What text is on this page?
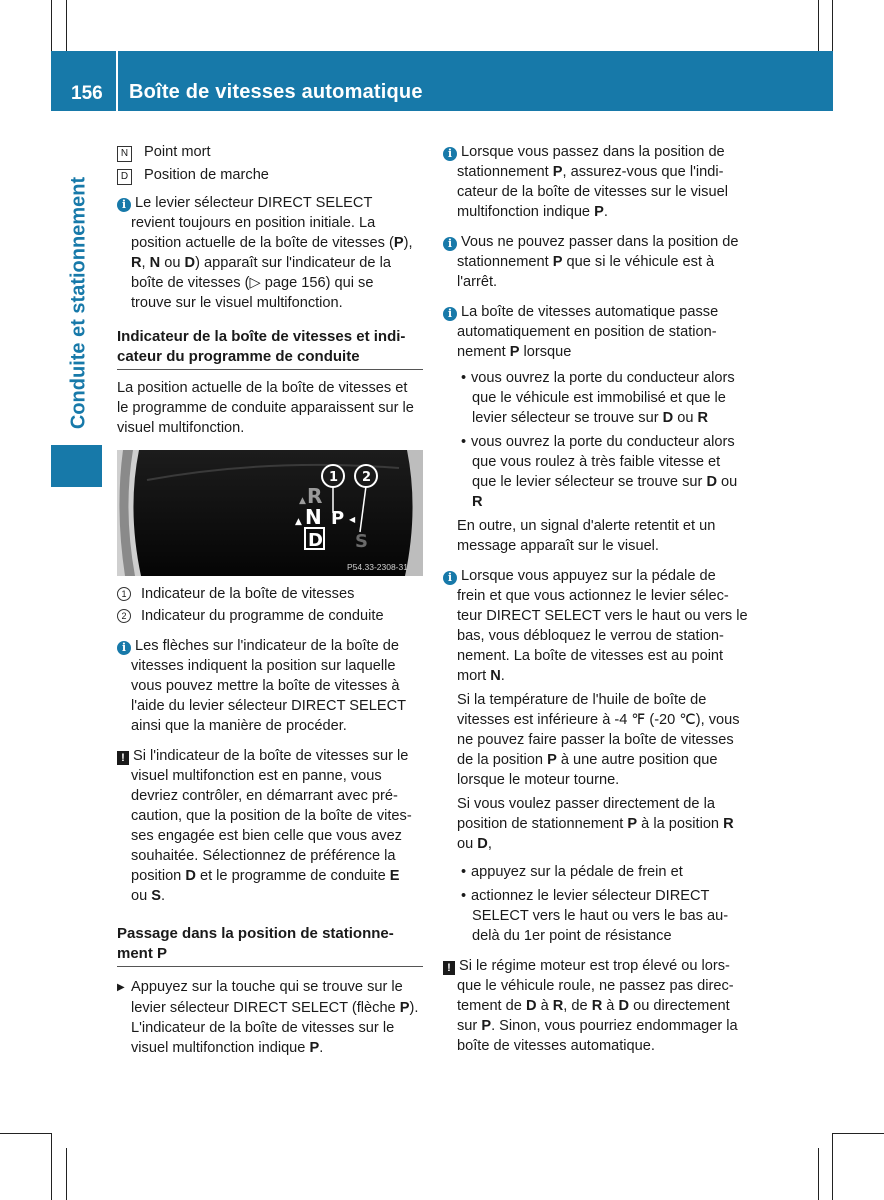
156 Boîte de vitesses automatique
Conduite et stationnement
N Point mort
D Position de marche
i Le levier sélecteur DIRECT SELECT
revient toujours en position initiale. La
position actuelle de la boîte de vitesses (P),
R, N ou D) apparaît sur l'indicateur de la
boîte de vitesses (▷ page 156) qui se
trouve sur le visuel multifonction.
Indicateur de la boîte de vitesses et indi-
cateur du programme de conduite
La position actuelle de la boîte de vitesses et
le programme de conduite apparaissent sur le
visuel multifonction.
▲ R
▲ N P ◀
D S
1 2
P54.33-2308-31
1 Indicateur de la boîte de vitesses
2 Indicateur du programme de conduite
i Les flèches sur l'indicateur de la boîte de
vitesses indiquent la position sur laquelle
vous pouvez mettre la boîte de vitesses à
l'aide du levier sélecteur DIRECT SELECT
ainsi que la manière de procéder.
! Si l'indicateur de la boîte de vitesses sur le
visuel multifonction est en panne, vous
devriez contrôler, en démarrant avec pré-
caution, que la position de la boîte de vites-
ses engagée est bien celle que vous avez
souhaitée. Sélectionnez de préférence la
position D et le programme de conduite E
ou S.
Passage dans la position de stationne-
ment P
▶ Appuyez sur la touche qui se trouve sur le
levier sélecteur DIRECT SELECT (flèche P).
L'indicateur de la boîte de vitesses sur le
visuel multifonction indique P.
i Lorsque vous passez dans la position de
stationnement P, assurez-vous que l'indi-
cateur de la boîte de vitesses sur le visuel
multifonction indique P.
i Vous ne pouvez passer dans la position de
stationnement P que si le véhicule est à
l'arrêt.
i La boîte de vitesses automatique passe
automatiquement en position de station-
nement P lorsque
• vous ouvrez la porte du conducteur alors
que le véhicule est immobilisé et que le
levier sélecteur se trouve sur D ou R
• vous ouvrez la porte du conducteur alors
que vous roulez à très faible vitesse et
que le levier sélecteur se trouve sur D ou
R
En outre, un signal d'alerte retentit et un
message apparaît sur le visuel.
i Lorsque vous appuyez sur la pédale de
frein et que vous actionnez le levier sélec-
teur DIRECT SELECT vers le haut ou vers le
bas, vous débloquez le verrou de station-
nement. La boîte de vitesses est au point
mort N.
Si la température de l'huile de boîte de
vitesses est inférieure à -4 ℉ (-20 ℃), vous
ne pouvez faire passer la boîte de vitesses
de la position P à une autre position que
lorsque le moteur tourne.
Si vous voulez passer directement de la
position de stationnement P à la position R
ou D,
• appuyez sur la pédale de frein et
• actionnez le levier sélecteur DIRECT
SELECT vers le haut ou vers le bas au-
delà du 1er point de résistance
! Si le régime moteur est trop élevé ou lors-
que le véhicule roule, ne passez pas direc-
tement de D à R, de R à D ou directement
sur P. Sinon, vous pourriez endommager la
boîte de vitesses automatique.
